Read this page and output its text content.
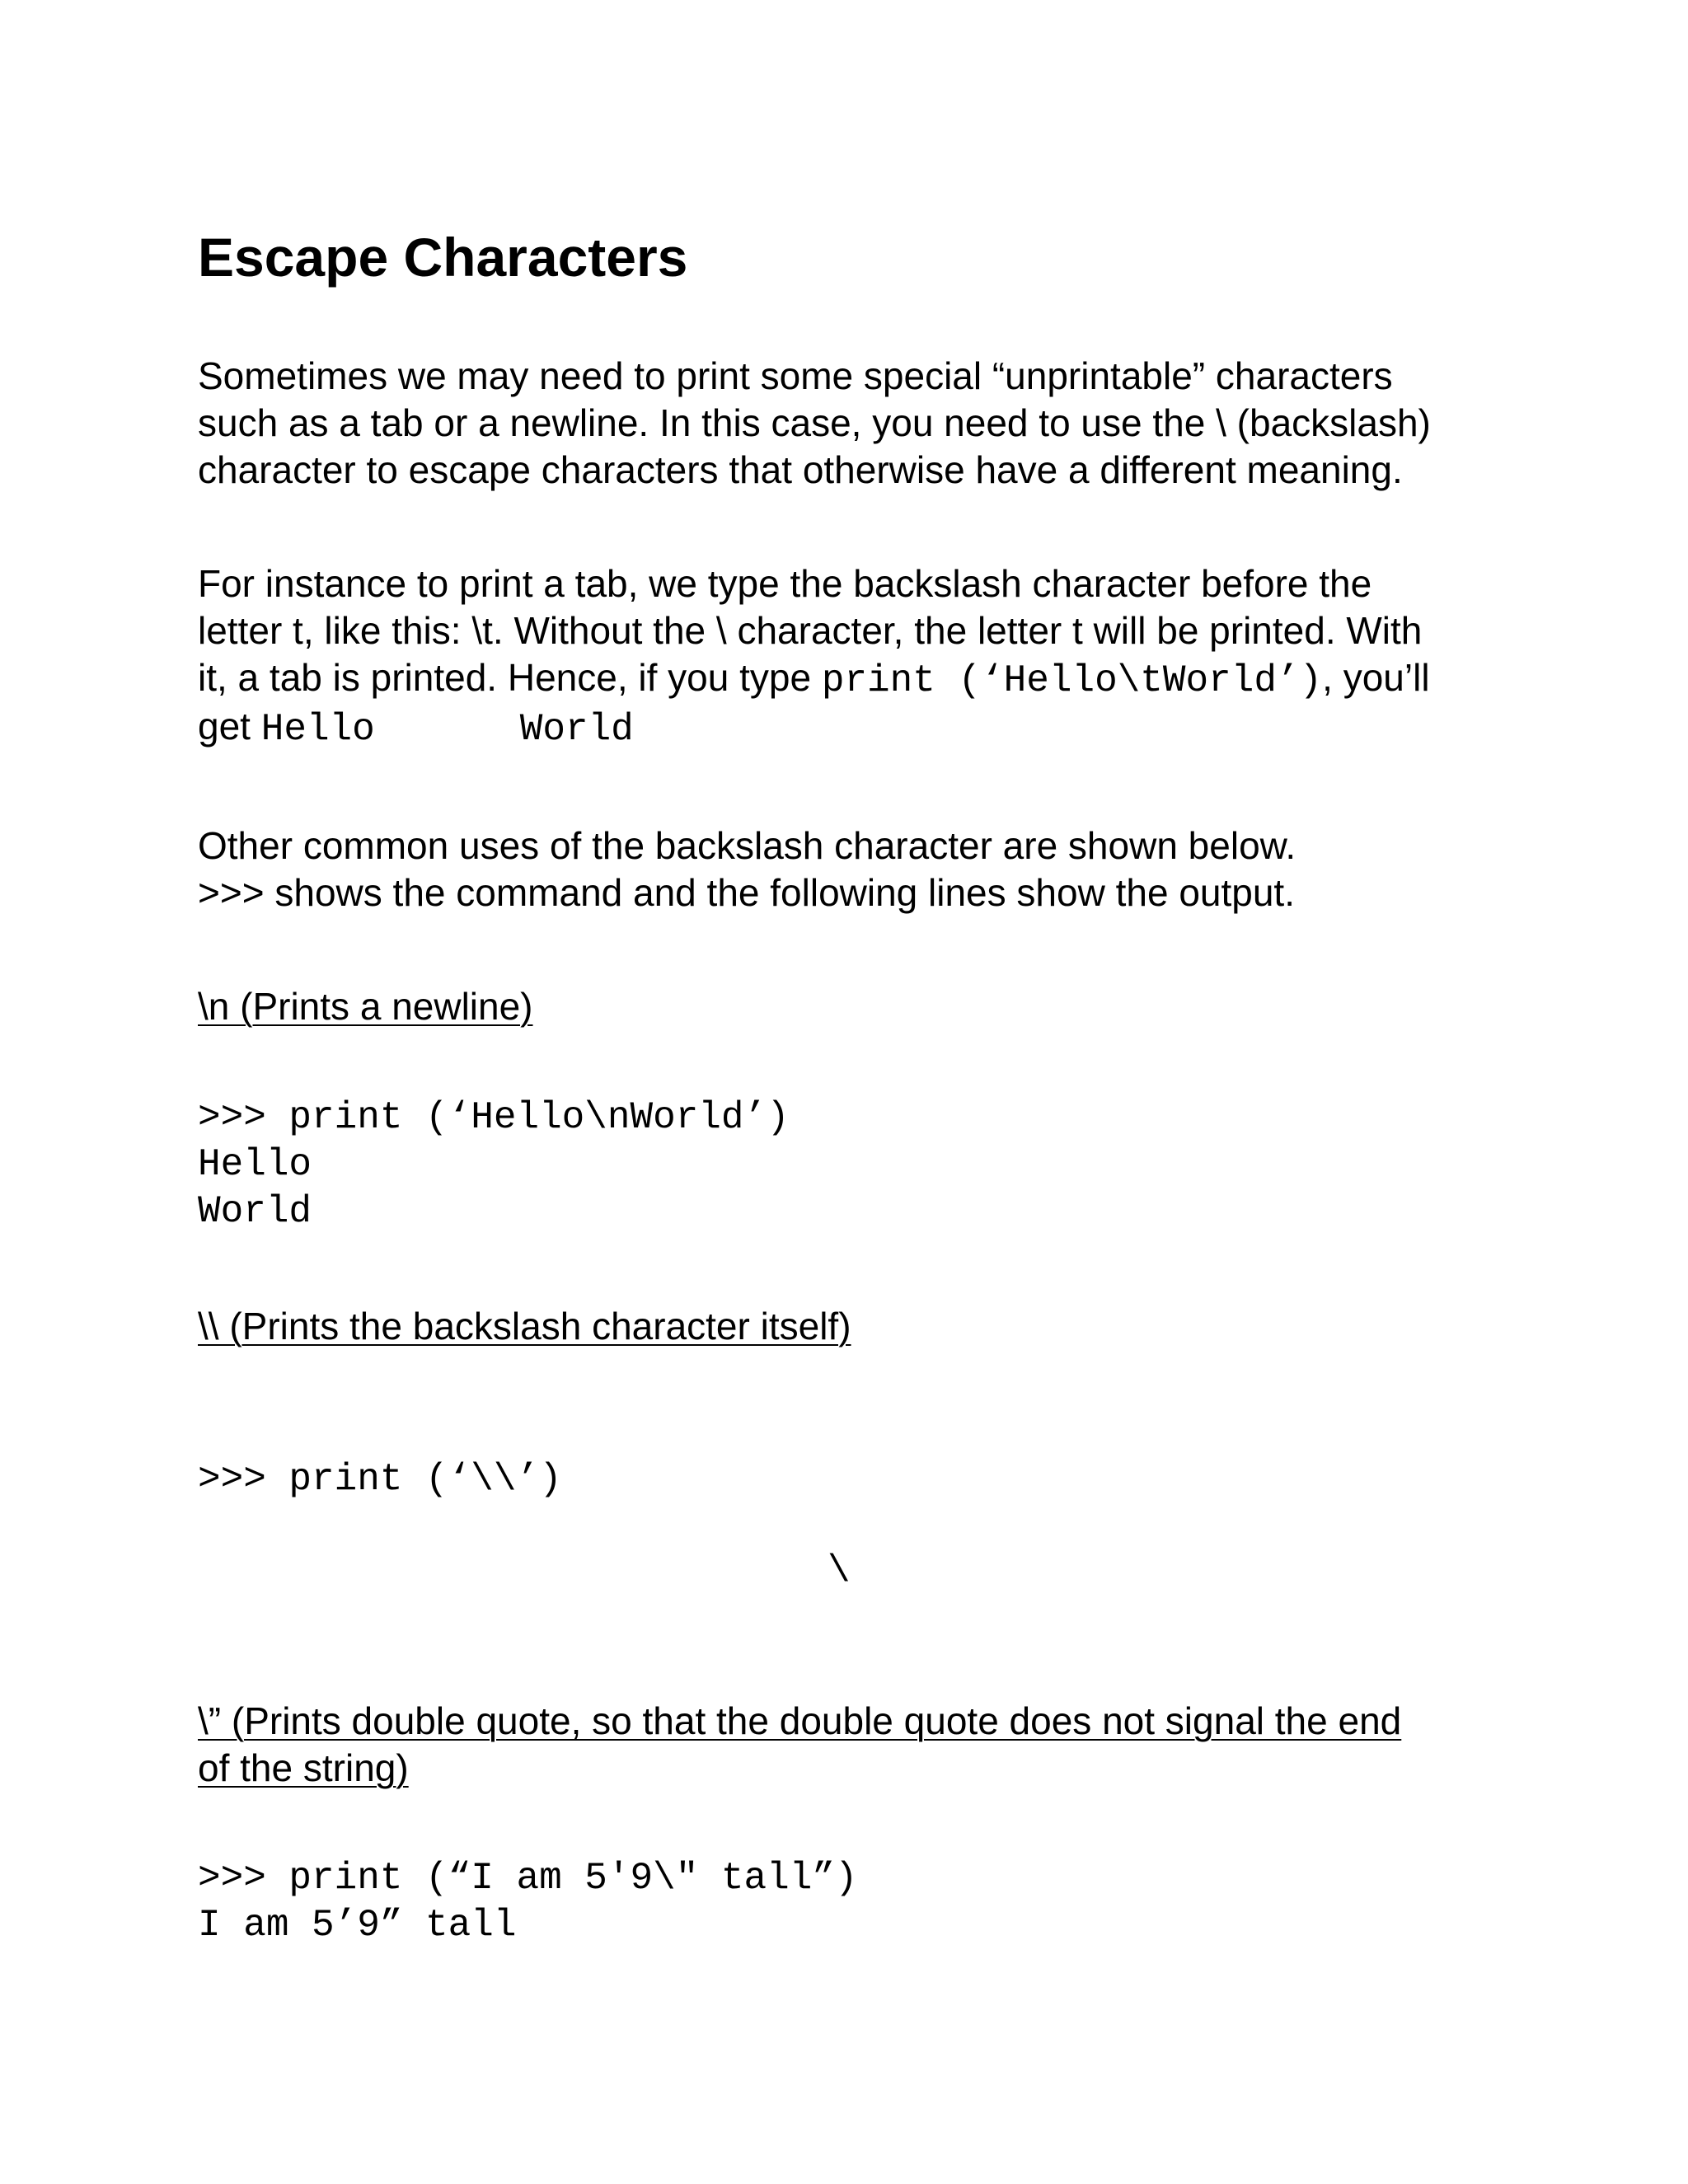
Escape Characters
Sometimes we may need to print some special “unprintable” characters
such as a tab or a newline. In this case, you need to use the \ (backslash)
character to escape characters that otherwise have a different meaning.
For instance to print a tab, we type the backslash character before the
letter t, like this: \t. Without the \ character, the letter t will be printed. With
it, a tab is printed. Hence, if you type print (‘Hello\tWorld’), you’ll
get Hello	World
Other common uses of the backslash character are shown below.
>>> shows the command and the following lines show the output.
\n (Prints a newline)
>>> print (‘Hello\nWorld’)
Hello
World
\\ (Prints the backslash character itself)
>>> print (‘\\’)
\
\” (Prints double quote, so that the double quote does not signal the end
of the string)
>>> print (“I am 5'9\" tall”)
I am 5’9” tall
